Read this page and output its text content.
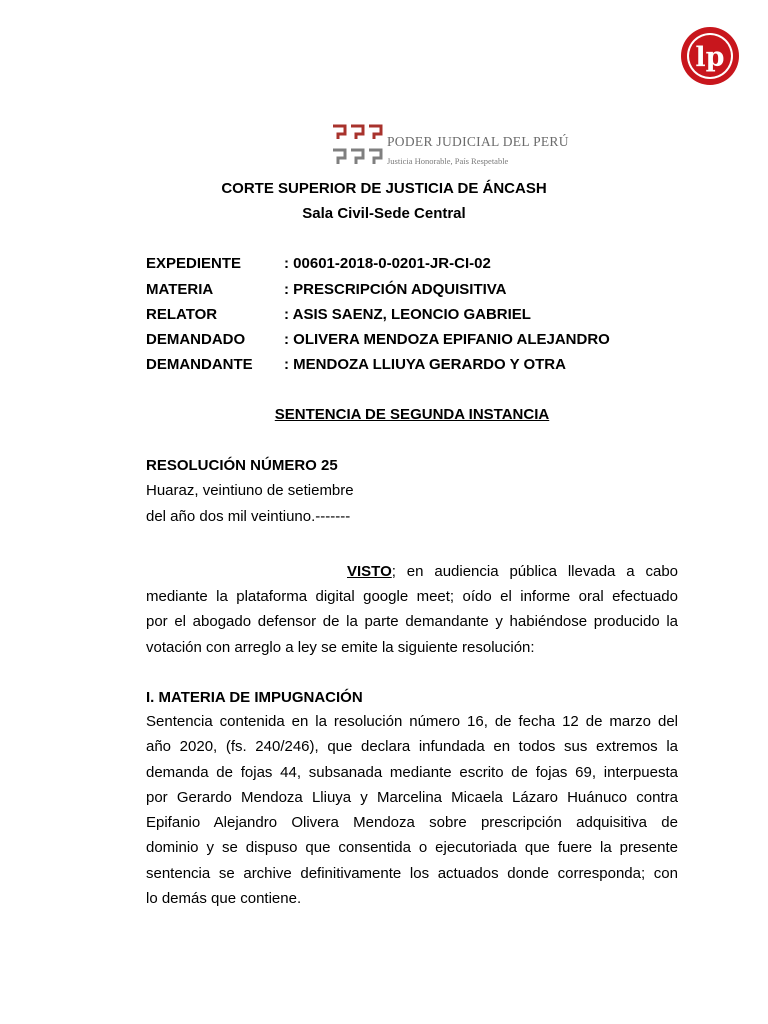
lp
PODER JUDICIAL DEL PERÚ
Justicia Honorable, País Respetable
CORTE SUPERIOR DE JUSTICIA DE ÁNCASH
Sala Civil-Sede Central
EXPEDIENTE	: 00601-2018-0-0201-JR-CI-02
MATERIA	: PRESCRIPCIÓN ADQUISITIVA
RELATOR	: ASIS SAENZ, LEONCIO GABRIEL
DEMANDADO	: OLIVERA MENDOZA EPIFANIO ALEJANDRO
DEMANDANTE : MENDOZA LLIUYA GERARDO Y OTRA
SENTENCIA DE SEGUNDA INSTANCIA
RESOLUCIÓN NÚMERO 25
Huaraz, veintiuno de setiembre
del año dos mil veintiuno.-------
VISTO; en audiencia pública llevada a cabo
mediante la plataforma digital google meet; oído el informe oral efectuado
por el abogado defensor de la parte demandante y habiéndose producido la
votación con arreglo a ley se emite la siguiente resolución:
I. MATERIA DE IMPUGNACIÓN
Sentencia contenida en la resolución número 16, de fecha 12 de marzo del
año 2020, (fs. 240/246), que declara infundada en todos sus extremos la
demanda de fojas 44, subsanada mediante escrito de fojas 69, interpuesta
por Gerardo Mendoza Lliuya y Marcelina Micaela Lázaro Huánuco contra
Epifanio Alejandro Olivera Mendoza sobre prescripción adquisitiva de
dominio y se dispuso que consentida o ejecutoriada que fuere la presente
sentencia se archive definitivamente los actuados donde corresponda; con
lo demás que contiene.
